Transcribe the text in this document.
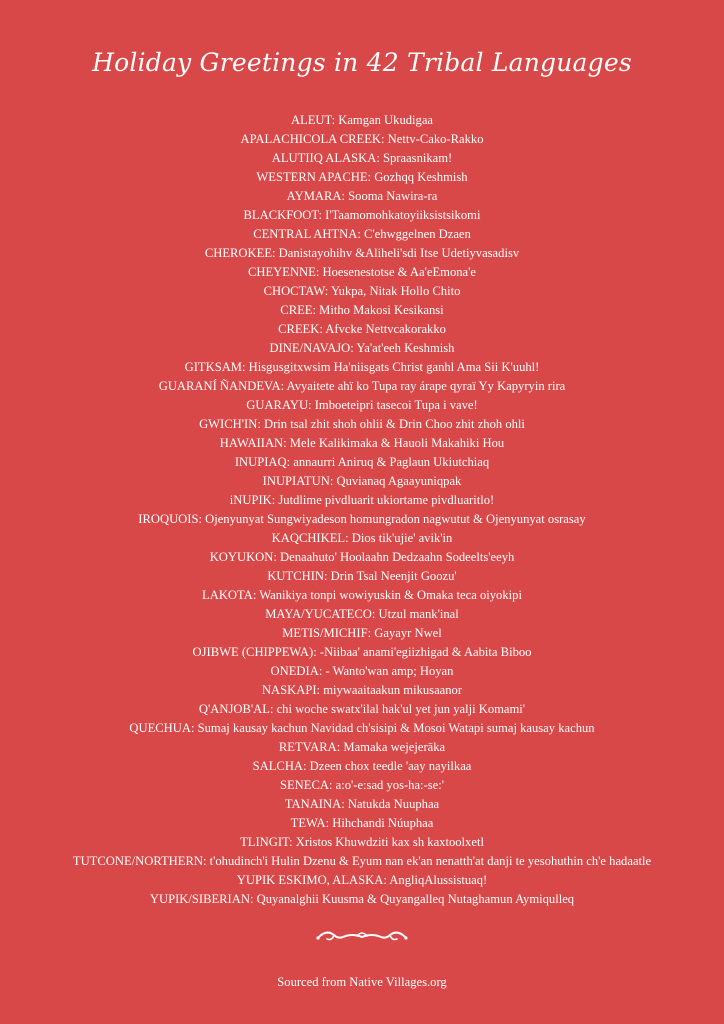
Holiday Greetings in 42 Tribal Languages
ALEUT: Kamgan Ukudigaa
APALACHICOLA CREEK: Nettv-Cako-Rakko
ALUTIIQ ALASKA: Spraasnikam!
WESTERN APACHE: Gozhqq Keshmish
AYMARA: Sooma Nawira-ra
BLACKFOOT: I'Taamomohkatoyiiksistsikomi
CENTRAL AHTNA: C'ehwggelnen Dzaen
CHEROKEE: Danistayohihv &Aliheli'sdi Itse Udetiyvasadisv
CHEYENNE: Hoesenestotse & Aa'eEmona'e
CHOCTAW: Yukpa, Nitak Hollo Chito
CREE: Mitho Makosi Kesikansi
CREEK: Afvcke Nettvcakorakko
DINE/NAVAJO: Ya'at'eeh Keshmish
GITKSAM: Hisgusgitxwsim Ha'niisgats Christ ganhl Ama Sii K'uuhl!
GUARANÍ ÑANDEVA: Avyaitete ahï ko Tupa ray árape qyraï Yy Kapyryin rira
GUARAYU: Imboeteipri tasecoi Tupa i vave!
GWICH'IN: Drin tsal zhit shoh ohlii & Drin Choo zhit zhoh ohli
HAWAIIAN: Mele Kalikimaka & Hauoli Makahiki Hou
INUPIAQ: annaurri Aniruq & Paglaun Ukiutchiaq
INUPIATUN: Quvianaq Agaayuniqpak
iNUPIK: Jutdlime pivdluarit ukiortame pivdluaritlo!
IROQUOIS: Ojenyunyat Sungwiyadeson homungradon nagwutut & Ojenyunyat osrasay
KAQCHIKEL: Dios tik'ujie' avik'in
KOYUKON: Denaahuto' Hoolaahn Dedzaahn Sodeelts'eeyh
KUTCHIN: Drin Tsal Neenjit Goozu'
LAKOTA: Wanikiya tonpi wowiyuskin & Omaka teca oiyokipi
MAYA/YUCATECO: Utzul mank'inal
METIS/MICHIF: Gayayr Nwel
OJIBWE (CHIPPEWA): -Niibaa' anami'egiizhigad & Aabita Biboo
ONEDIA: - Wanto'wan amp; Hoyan
NASKAPI: miywaaitaakun mikusaanor
Q'ANJOB'AL: chi woche swatx'ilal hak'ul yet jun yalji Komami'
QUECHUA: Sumaj kausay kachun Navidad ch'sisipi & Mosoi Watapi sumaj kausay kachun
RETVARA: Mamaka wejejerāka
SALCHA: Dzeen chox teedle 'aay nayilkaa
SENECA: a:o'-e:sad yos-ha:-se:'
TANAINA: Natukda Nuuphaa
TEWA: Hihchandi Núuphaa
TLINGIT: Xristos Khuwdziti kax sh kaxtoolxetl
TUTCONE/NORTHERN: t'ohudinch'i Hulin Dzenu & Eyum nan ek'an nenatth'at danji te yesohuthin ch'e hadaatle
YUPIK ESKIMO, ALASKA: AngliqAlussistuaq!
YUPIK/SIBERIAN: Quyanalghii Kuusma & Quyangalleq Nutaghamun Aymiqulleq
Sourced from Native Villages.org
